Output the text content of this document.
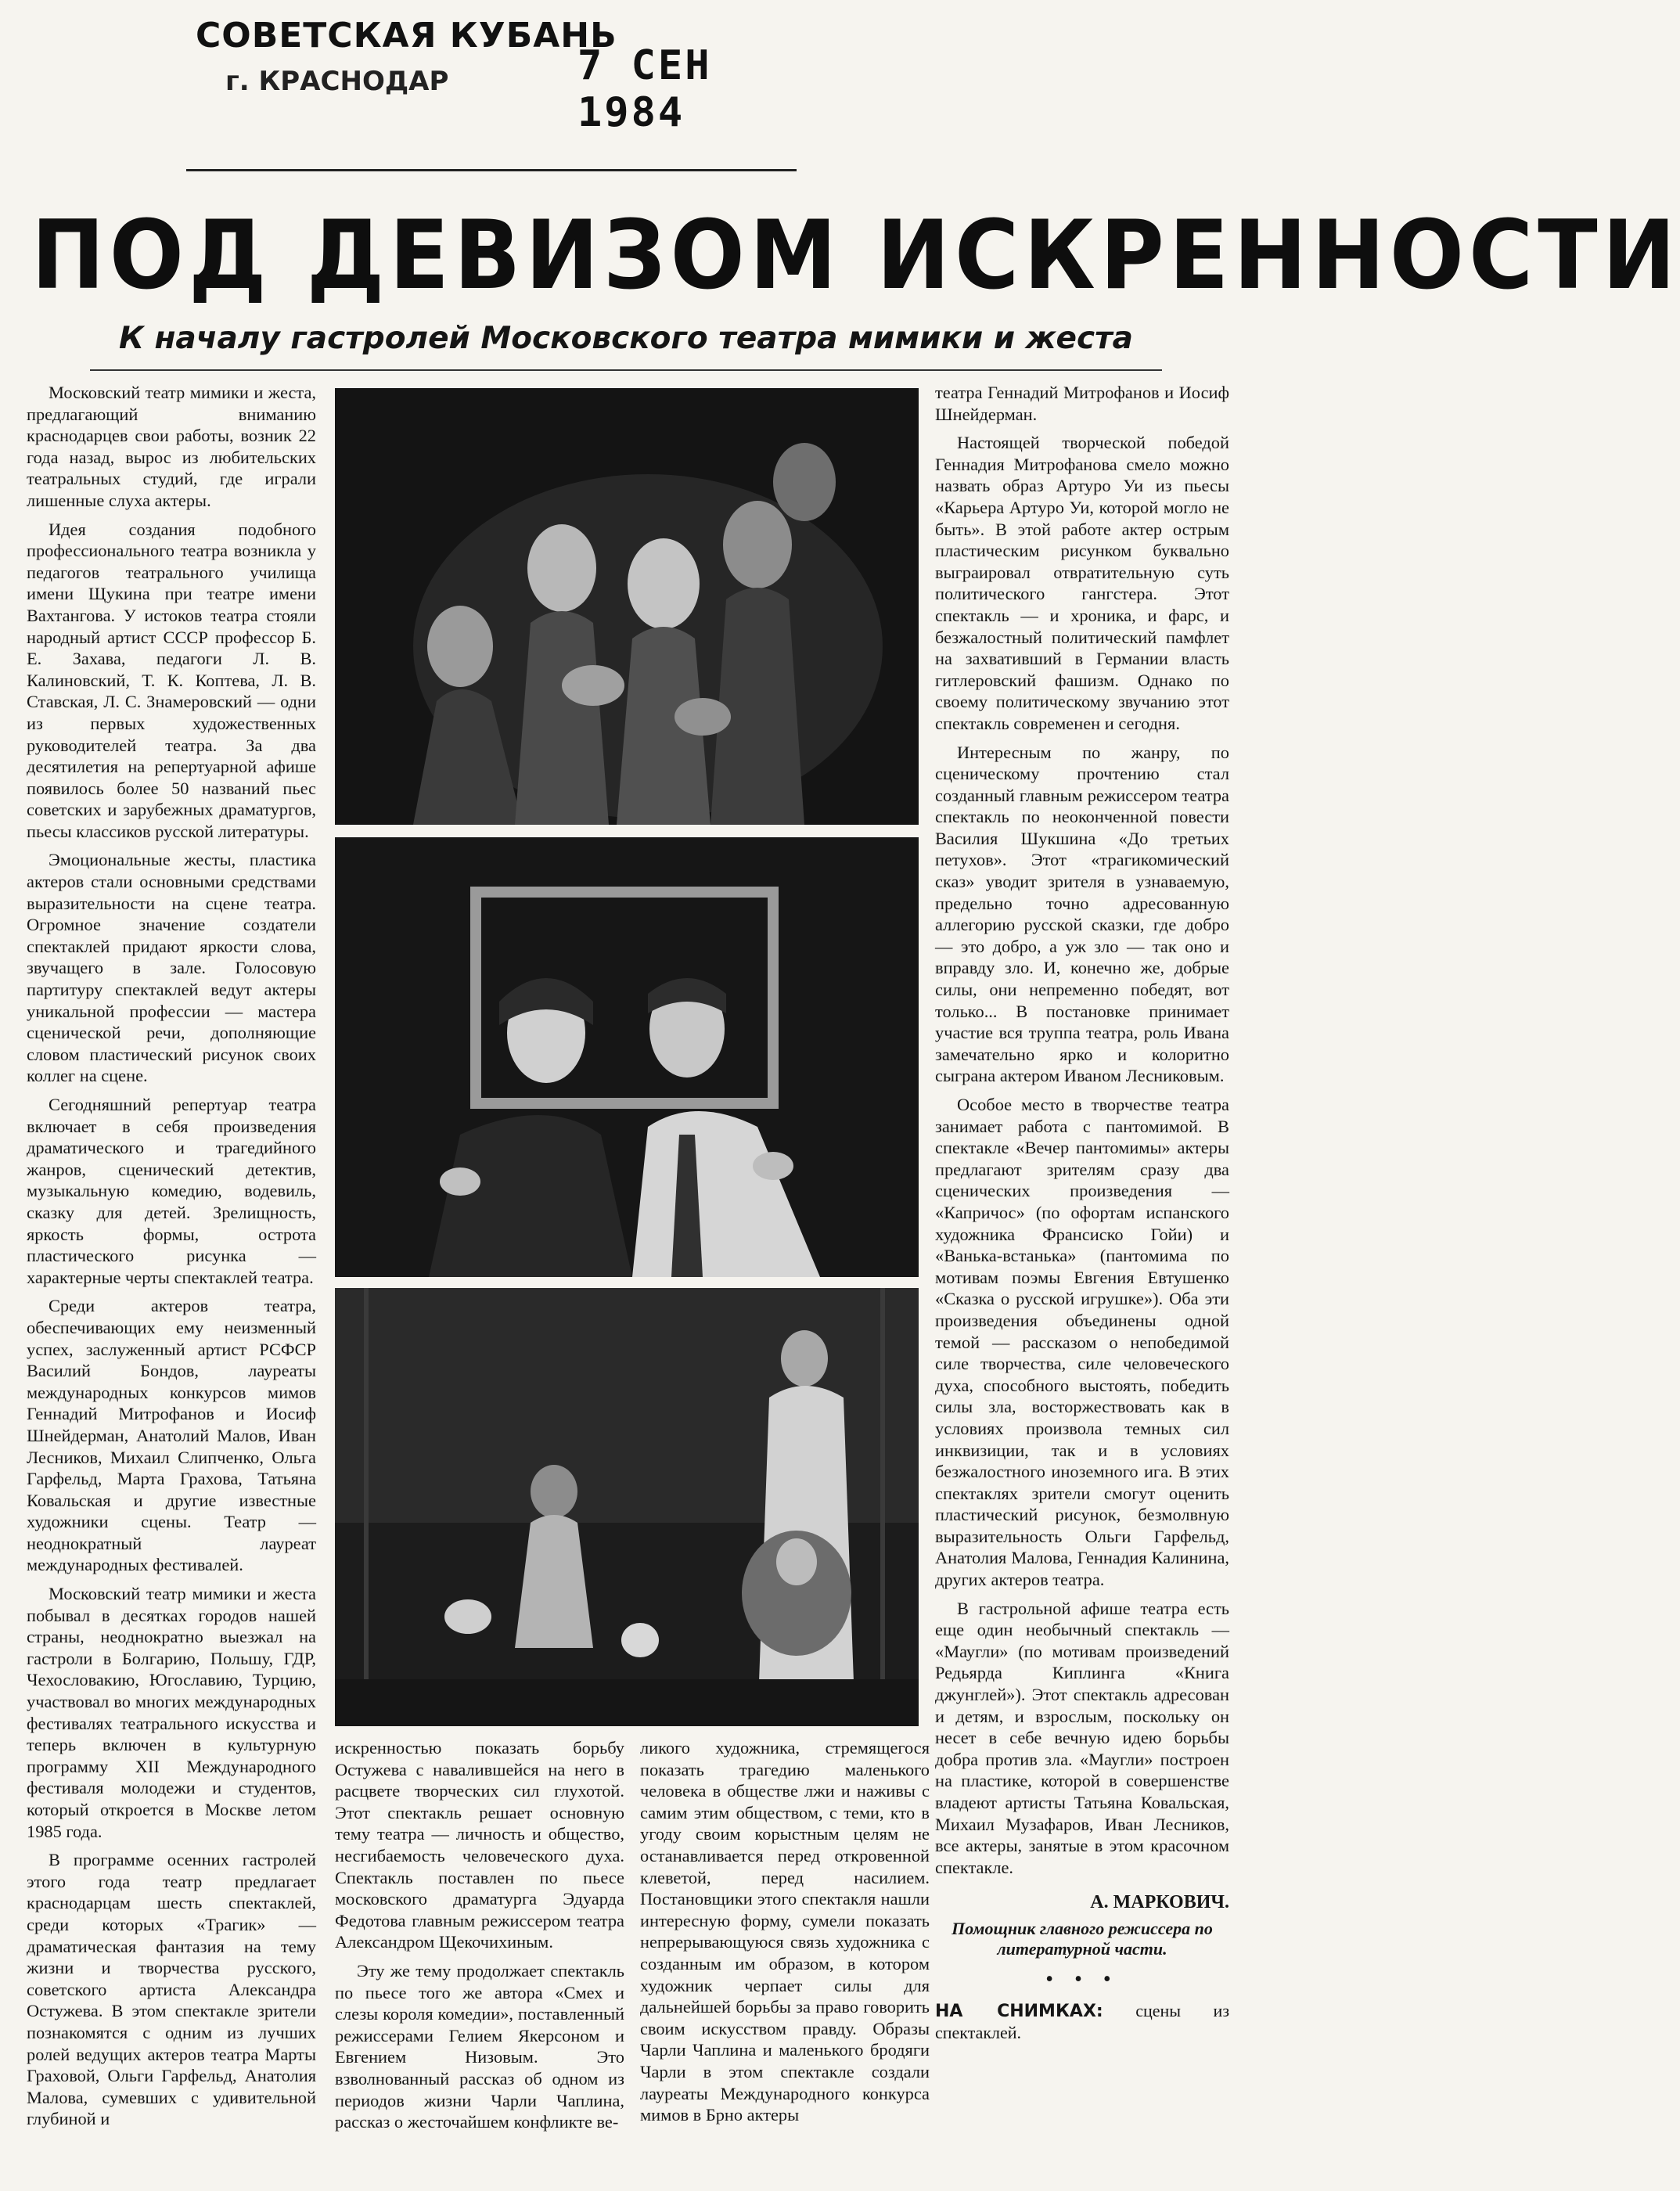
СОВЕТСКАЯ КУБАНЬ
г. КРАСНОДАР	7 СЕН 1984
ПОД ДЕВИЗОМ ИСКРЕННОСТИ
К началу гастролей Московского театра мимики и жеста

Московский театр мимики и жеста, предлагающий вниманию краснодарцев свои работы, возник 22 года назад, вырос из любительских театральных студий, где играли лишенные слуха актеры.

Идея создания подобного профессионального театра возникла у педагогов театрального училища имени Щукина при театре имени Вахтангова. У истоков театра стояли народный артист СССР профессор Б. Е. Захава, педагоги Л. В. Калиновский, Т. К. Коптева, Л. В. Ставская, Л. С. Знамеровский — одни из первых художественных руководителей театра. За два десятилетия на репертуарной афише появилось более 50 названий пьес советских и зарубежных драматургов, пьесы классиков русской литературы.

Эмоциональные жесты, пластика актеров стали основными средствами выразительности на сцене театра. Огромное значение создатели спектаклей придают яркости слова, звучащего в зале. Голосовую партитуру спектаклей ведут актеры уникальной профессии — мастера сценической речи, дополняющие словом пластический рисунок своих коллег на сцене.

Сегодняшний репертуар театра включает в себя произведения драматического и трагедийного жанров, сценический детектив, музыкальную комедию, водевиль, сказку для детей. Зрелищность, яркость формы, острота пластического рисунка — характерные черты спектаклей театра.

Среди актеров театра, обеспечивающих ему неизменный успех, заслуженный артист РСФСР Василий Бондов, лауреаты международных конкурсов мимов Геннадий Митрофанов и Иосиф Шнейдерман, Анатолий Малов, Иван Лесников, Михаил Слипченко, Ольга Гарфельд, Марта Грахова, Татьяна Ковальская и другие известные художники сцены. Театр — неоднократный лауреат международных фестивалей.

Московский театр мимики и жеста побывал в десятках городов нашей страны, неоднократно выезжал на гастроли в Болгарию, Польшу, ГДР, Чехословакию, Югославию, Турцию, участвовал во многих международных фестивалях театрального искусства и теперь включен в культурную программу XII Международного фестиваля молодежи и студентов, который откроется в Москве летом 1985 года.

В программе осенних гастролей этого года театр предлагает краснодарцам шесть спектаклей, среди которых «Трагик» — драматическая фантазия на тему жизни и творчества русского, советского артиста Александра Остужева. В этом спектакле зрители познакомятся с одним из лучших ролей ведущих актеров театра Марты Граховой, Ольги Гарфельд, Анатолия Малова, сумевших с удивительной глубиной и

искренностью показать борьбу Остужева с навалившейся на него в расцвете творческих сил глухотой. Этот спектакль решает основную тему театра — личность и общество, несгибаемость человеческого духа. Спектакль поставлен по пьесе московского драматурга Эдуарда Федотова главным режиссером театра Александром Щекочихиным.

Эту же тему продолжает спектакль по пьесе того же автора «Смех и слезы короля комедии», поставленный режиссерами Гелием Якерсоном и Евгением Низовым. Это взволнованный рассказ об одном из периодов жизни Чарли Чаплина, рассказ о жесточайшем конфликте ве-

ликого художника, стремящегося показать трагедию маленького человека в обществе лжи и наживы с самим этим обществом, с теми, кто в угоду своим корыстным целям не останавливается перед откровенной клеветой, перед насилием. Постановщики этого спектакля нашли интересную форму, сумели показать непрерывающуюся связь художника с созданным им образом, в котором художник черпает силы для дальнейшей борьбы за право говорить своим искусством правду. Образы Чарли Чаплина и маленького бродяги Чарли в этом спектакле создали лауреаты Международного конкурса мимов в Брно актеры

театра Геннадий Митрофанов и Иосиф Шнейдерман.

Настоящей творческой победой Геннадия Митрофанова смело можно назвать образ Артуро Уи из пьесы «Карьера Артуро Уи, которой могло не быть». В этой работе актер острым пластическим рисунком буквально выграировал отвратительную суть политического гангстера. Этот спектакль — и хроника, и фарс, и безжалостный политический памфлет на захвативший в Германии власть гитлеровский фашизм. Однако по своему политическому звучанию этот спектакль современен и сегодня.

Интересным по жанру, по сценическому прочтению стал созданный главным режиссером театра спектакль по неоконченной повести Василия Шукшина «До третьих петухов». Этот «трагикомический сказ» уводит зрителя в узнаваемую, предельно точно адресованную аллегорию русской сказки, где добро — это добро, а уж зло — так оно и вправду зло. И, конечно же, добрые силы, они непременно победят, вот только... В постановке принимает участие вся труппа театра, роль Ивана замечательно ярко и колоритно сыграна актером Иваном Лесниковым.

Особое место в творчестве театра занимает работа с пантомимой. В спектакле «Вечер пантомимы» актеры предлагают зрителям сразу два сценических произведения — «Капричос» (по офортам испанского художника Франсиско Гойи) и «Ванька-встанька» (пантомима по мотивам поэмы Евгения Евтушенко «Сказка о русской игрушке»). Оба эти произведения объединены одной темой — рассказом о непобедимой силе творчества, силе человеческого духа, способного выстоять, победить силы зла, восторжествовать как в условиях произвола темных сил инквизиции, так и в условиях безжалостного иноземного ига. В этих спектаклях зрители смогут оценить пластический рисунок, безмолвную выразительность Ольги Гарфельд, Анатолия Малова, Геннадия Калинина, других актеров театра.

В гастрольной афише театра есть еще один необычный спектакль — «Маугли» (по мотивам произведений Редьярда Киплинга «Книга джунглей»). Этот спектакль адресован и детям, и взрослым, поскольку он несет в себе вечную идею борьбы добра против зла. «Маугли» построен на пластике, которой в совершенстве владеют артисты Татьяна Ковальская, Михаил Музафаров, Иван Лесников, все актеры, занятые в этом красочном спектакле.

А. МАРКОВИЧ.
Помощник главного режиссера по литературной части.
• • •
НА СНИМКАХ: сцены из спектаклей.
